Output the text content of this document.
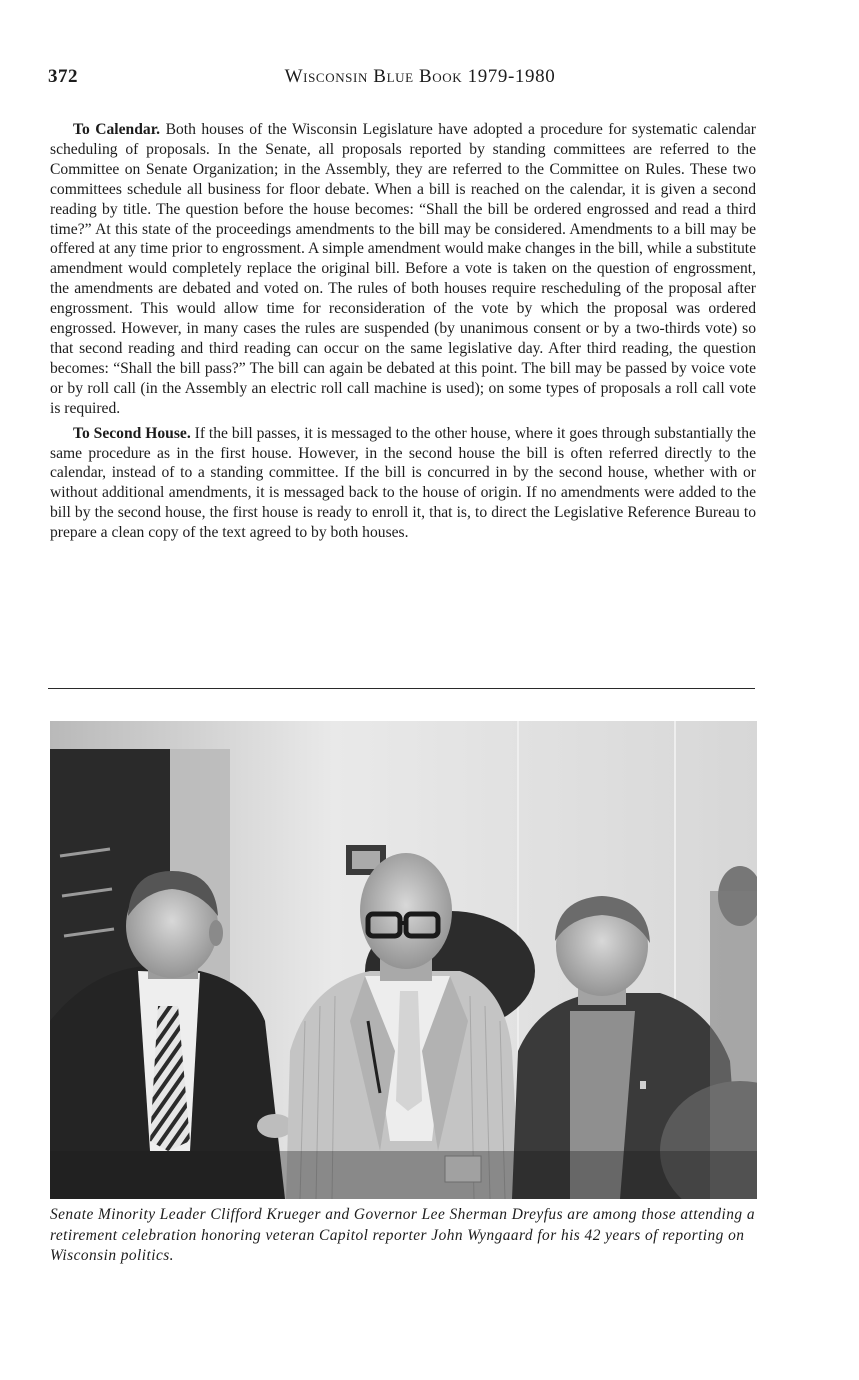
372	Wisconsin Blue Book 1979-1980

To Calendar. Both houses of the Wisconsin Legislature have adopted a procedure for systematic calendar scheduling of proposals. In the Senate, all proposals reported by standing committees are referred to the Committee on Senate Organization; in the Assembly, they are referred to the Committee on Rules. These two committees schedule all business for floor debate. When a bill is reached on the calendar, it is given a second reading by title. The question before the house becomes: “Shall the bill be ordered engrossed and read a third time?” At this state of the proceedings amendments to the bill may be considered. Amendments to a bill may be offered at any time prior to engrossment. A simple amendment would make changes in the bill, while a substitute amendment would completely replace the original bill. Before a vote is taken on the question of engrossment, the amendments are debated and voted on. The rules of both houses require rescheduling of the proposal after engrossment. This would allow time for reconsideration of the vote by which the proposal was ordered engrossed. However, in many cases the rules are suspended (by unanimous consent or by a two-thirds vote) so that second reading and third reading can occur on the same legislative day. After third reading, the question becomes: “Shall the bill pass?” The bill can again be debated at this point. The bill may be passed by voice vote or by roll call (in the Assembly an electric roll call machine is used); on some types of proposals a roll call vote is required.

To Second House. If the bill passes, it is messaged to the other house, where it goes through substantially the same procedure as in the first house. However, in the second house the bill is often referred directly to the calendar, instead of to a standing committee. If the bill is concurred in by the second house, whether with or without additional amendments, it is messaged back to the house of origin. If no amendments were added to the bill by the second house, the first house is ready to enroll it, that is, to direct the Legislative Reference Bureau to prepare a clean copy of the text agreed to by both houses.

Senate Minority Leader Clifford Krueger and Governor Lee Sherman Dreyfus are among those attending a retirement celebration honoring veteran Capitol reporter John Wyngaard for his 42 years of reporting on Wisconsin politics.
